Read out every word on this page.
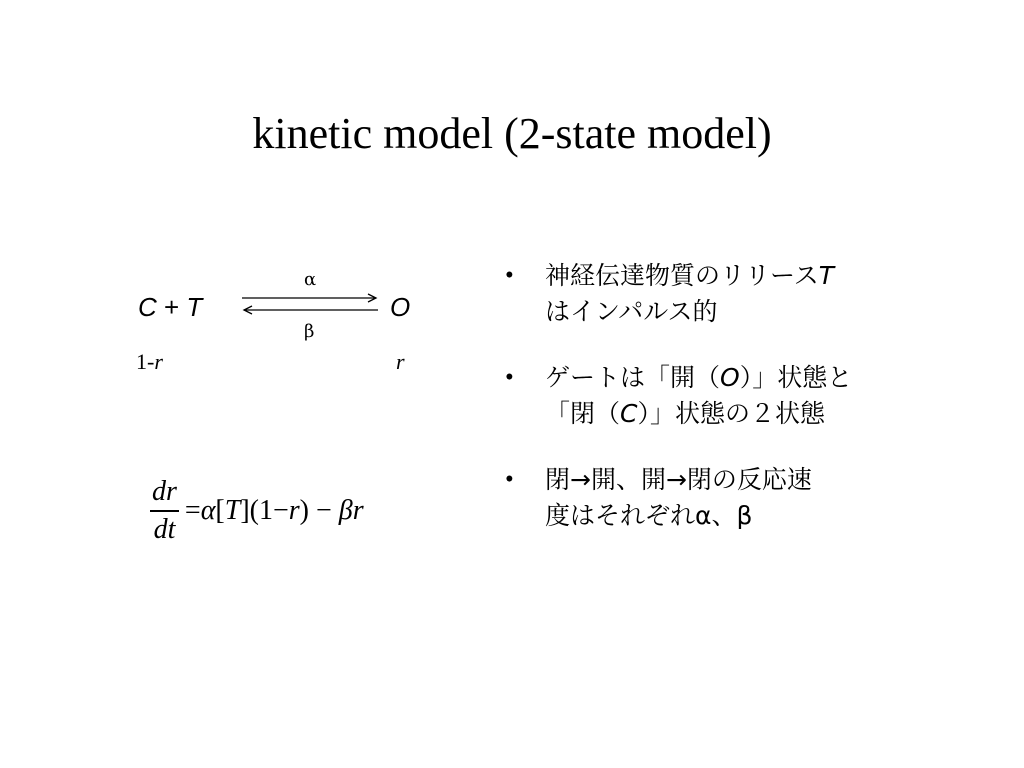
kinetic model (2-state model)
C + T
α
β
O
1-r	r
$\frac{dr}{dt} =\alpha[T](1-r) - \beta r$
• 神経伝達物質のリリースT
はインパルス的
• ゲートは「開（O）」状態と
「閉（C）」状態の２状態
• 閉→開、開→閉の反応速
度はそれぞれα、β
